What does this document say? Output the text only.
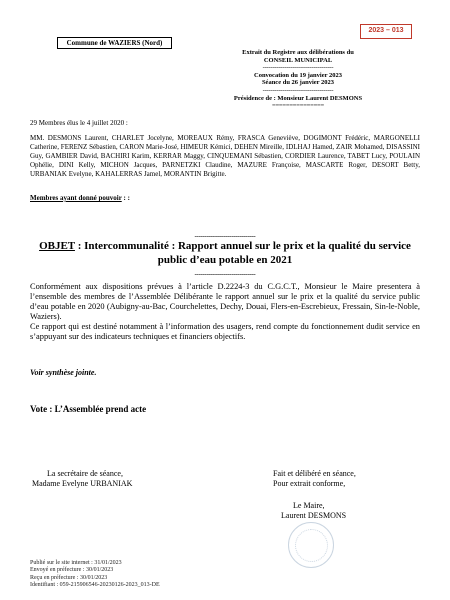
Commune de WAZIERS (Nord)
2023 – 013
Extrait du Registre aux délibérations du
CONSEIL MUNICIPAL
------------------------------------
Convocation du 19 janvier 2023
Séance du 26 janvier 2023
------------------------------------
Présidence de : Monsieur Laurent DESMONS
===============
29 Membres élus le 4 juillet 2020 :
MM. DESMONS Laurent, CHARLET Jocelyne, MOREAUX Rémy, FRASCA Geneviève, DOGIMONT Frédéric, MARGONELLI Catherine, FERENZ Sébastien, CARON Marie-José, HIMEUR Kémici, DEHEN Mireille, IDLHAJ Hamed, ZAIR Mohamed, DISASSINI Guy, GAMBIER David, BACHIRI Karim, KERRAR Maggy, CINQUEMANI Sébastien, CORDIER Laurence, TABET Lucy, POULAIN Ophélie, DINI Kelly, MICHON Jacques, PARNETZKI Claudine, MAZURE Françoise, MASCARTE Roger, DESORT Betty, URBANIAK Evelyne, KAHALERRAS Jamel, MORANTIN Brigitte.
Membres ayant donné pouvoir : :
------------------------------
OBJET : Intercommunalité : Rapport annuel sur le prix et la qualité du service public d’eau potable en 2021
------------------------------

Conformément aux dispositions prévues à l’article D.2224-3 du C.G.C.T., Monsieur le Maire presentera à l’ensemble des membres de l’Assemblée Délibérante le rapport annuel sur le prix et la qualité du service public d’eau potable en 2020 (Aubigny-au-Bac, Courchelettes, Dechy, Douai, Flers-en-Escrebieux, Fressain, Sin-le-Noble, Waziers).

Ce rapport qui est destiné notamment à l’information des usagers, rend compte du fonctionnement dudit service en s’appuyant sur des indicateurs techniques et financiers objectifs.

Voir synthèse jointe.
Vote : L’Assemblée prend acte
La secrétaire de séance,
Madame Evelyne URBANIAK
Fait et délibéré en séance,
Pour extrait conforme,
Le Maire,
Laurent DESMONS
Publié sur le site internet : 31/01/2023
Envoyé en préfecture : 30/01/2023
Reçu en préfecture : 30/01/2023
Identifiant : 059-215906546-20230126-2023_013-DE
